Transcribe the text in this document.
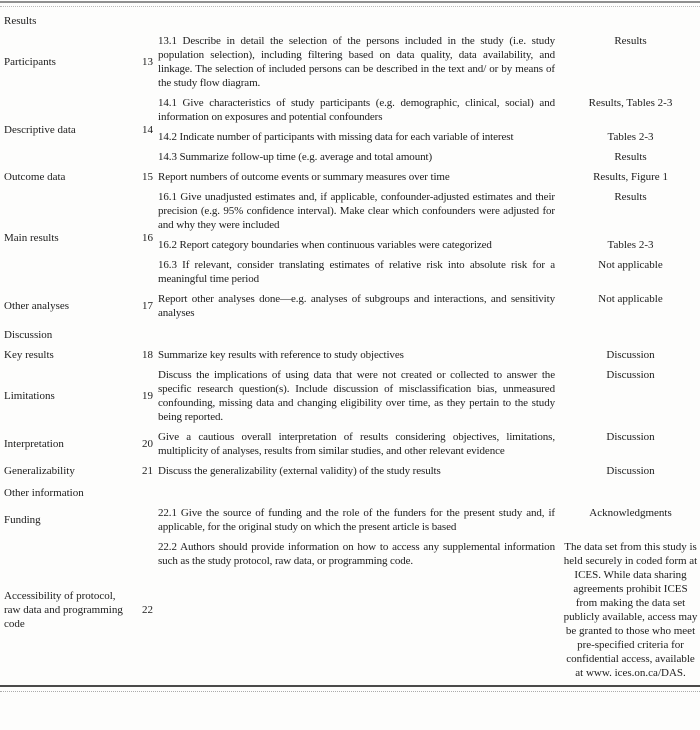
Results			
Participants	13	13.1 Describe in detail the selection of the persons included in the study (i.e. study population selection), including filtering based on data quality, data availability, and linkage. The selection of included persons can be described in the text and/ or by means of the study flow diagram.	Results
Descriptive data	14	14.1 Give characteristics of study participants (e.g. demographic, clinical, social) and information on exposures and potential confounders	Results, Tables 2-3
		14.2 Indicate number of participants with missing data for each variable of interest	Tables 2-3
		14.3 Summarize follow-up time (e.g. average and total amount)	Results
Outcome data	15	Report numbers of outcome events or summary measures over time	Results, Figure 1
Main results	16	16.1 Give unadjusted estimates and, if applicable, confounder-adjusted estimates and their precision (e.g. 95% confidence interval). Make clear which confounders were adjusted for and why they were included	Results
		16.2 Report category boundaries when continuous variables were categorized	Tables 2-3
		16.3 If relevant, consider translating estimates of relative risk into absolute risk for a meaningful time period	Not applicable
Other analyses	17	Report other analyses done—e.g. analyses of subgroups and interactions, and sensitivity analyses	Not applicable
Discussion			
Key results	18	Summarize key results with reference to study objectives	Discussion
Limitations	19	Discuss the implications of using data that were not created or collected to answer the specific research question(s). Include discussion of misclassification bias, unmeasured confounding, missing data and changing eligibility over time, as they pertain to the study being reported.	Discussion
Interpretation	20	Give a cautious overall interpretation of results considering objectives, limitations, multiplicity of analyses, results from similar studies, and other relevant evidence	Discussion
Generalizability	21	Discuss the generalizability (external validity) of the study results	Discussion
Other information			
Funding		22.1 Give the source of funding and the role of the funders for the present study and, if applicable, for the original study on which the present article is based	Acknowledgments
Accessibility of protocol, raw data and programming code	22	22.2 Authors should provide information on how to access any supplemental information such as the study protocol, raw data, or programming code.	The data set from this study is held securely in coded form at ICES. While data sharing agreements prohibit ICES from making the data set publicly available, access may be granted to those who meet pre-specified criteria for confidential access, available at www. ices.on.ca/DAS.
